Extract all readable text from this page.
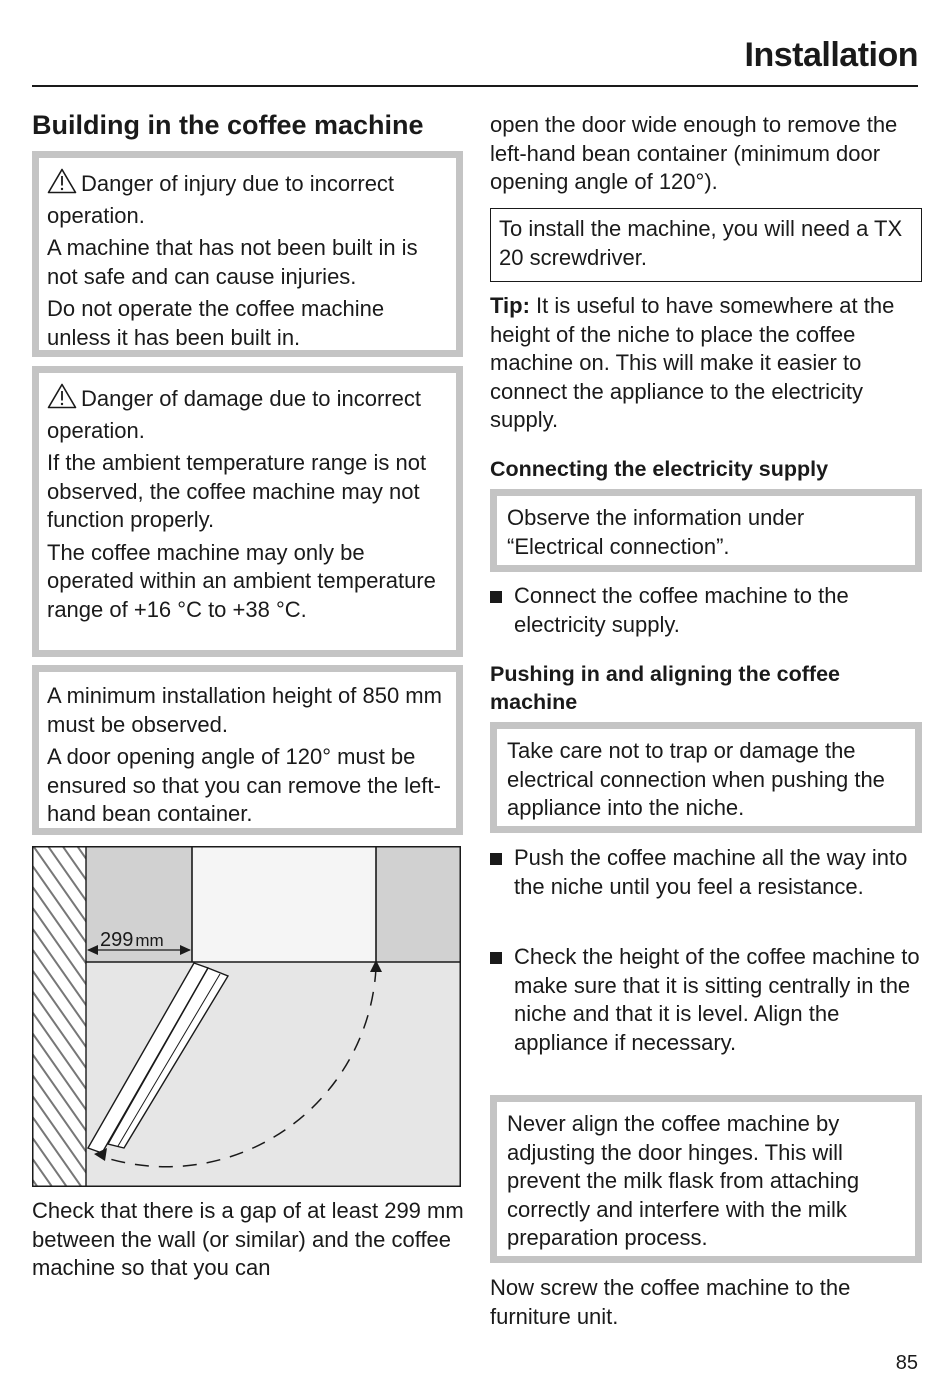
Installation
Building in the coffee machine

Danger of injury due to incorrect operation.

A machine that has not been built in is not safe and can cause injuries.

Do not operate the coffee machine unless it has been built in.

Danger of damage due to incorrect operation.

If the ambient temperature range is not observed, the coffee machine may not function properly.

The coffee machine may only be operated within an ambient temperature range of +16 °C to +38 °C.

A minimum installation height of 850 mm must be observed.

A door opening angle of 120° must be ensured so that you can remove the left-hand bean container.

299 mm

Check that there is a gap of at least 299 mm between the wall (or similar) and the coffee machine so that you can

open the door wide enough to remove the left-hand bean container (minimum door opening angle of 120°).

To install the machine, you will need a TX 20 screwdriver.

Tip: It is useful to have somewhere at the height of the niche to place the coffee machine on. This will make it easier to connect the appliance to the electricity supply.

Connecting the electricity supply

Observe the information under “Electrical connection”.

Connect the coffee machine to the electricity supply.

Pushing in and aligning the coffee machine

Take care not to trap or damage the electrical connection when pushing the appliance into the niche.

Push the coffee machine all the way into the niche until you feel a resistance.
Check the height of the coffee machine to make sure that it is sitting centrally in the niche and that it is level. Align the appliance if necessary.

Never align the coffee machine by adjusting the door hinges. This will prevent the milk flask from attaching correctly and interfere with the milk preparation process.

Now screw the coffee machine to the furniture unit.

85
